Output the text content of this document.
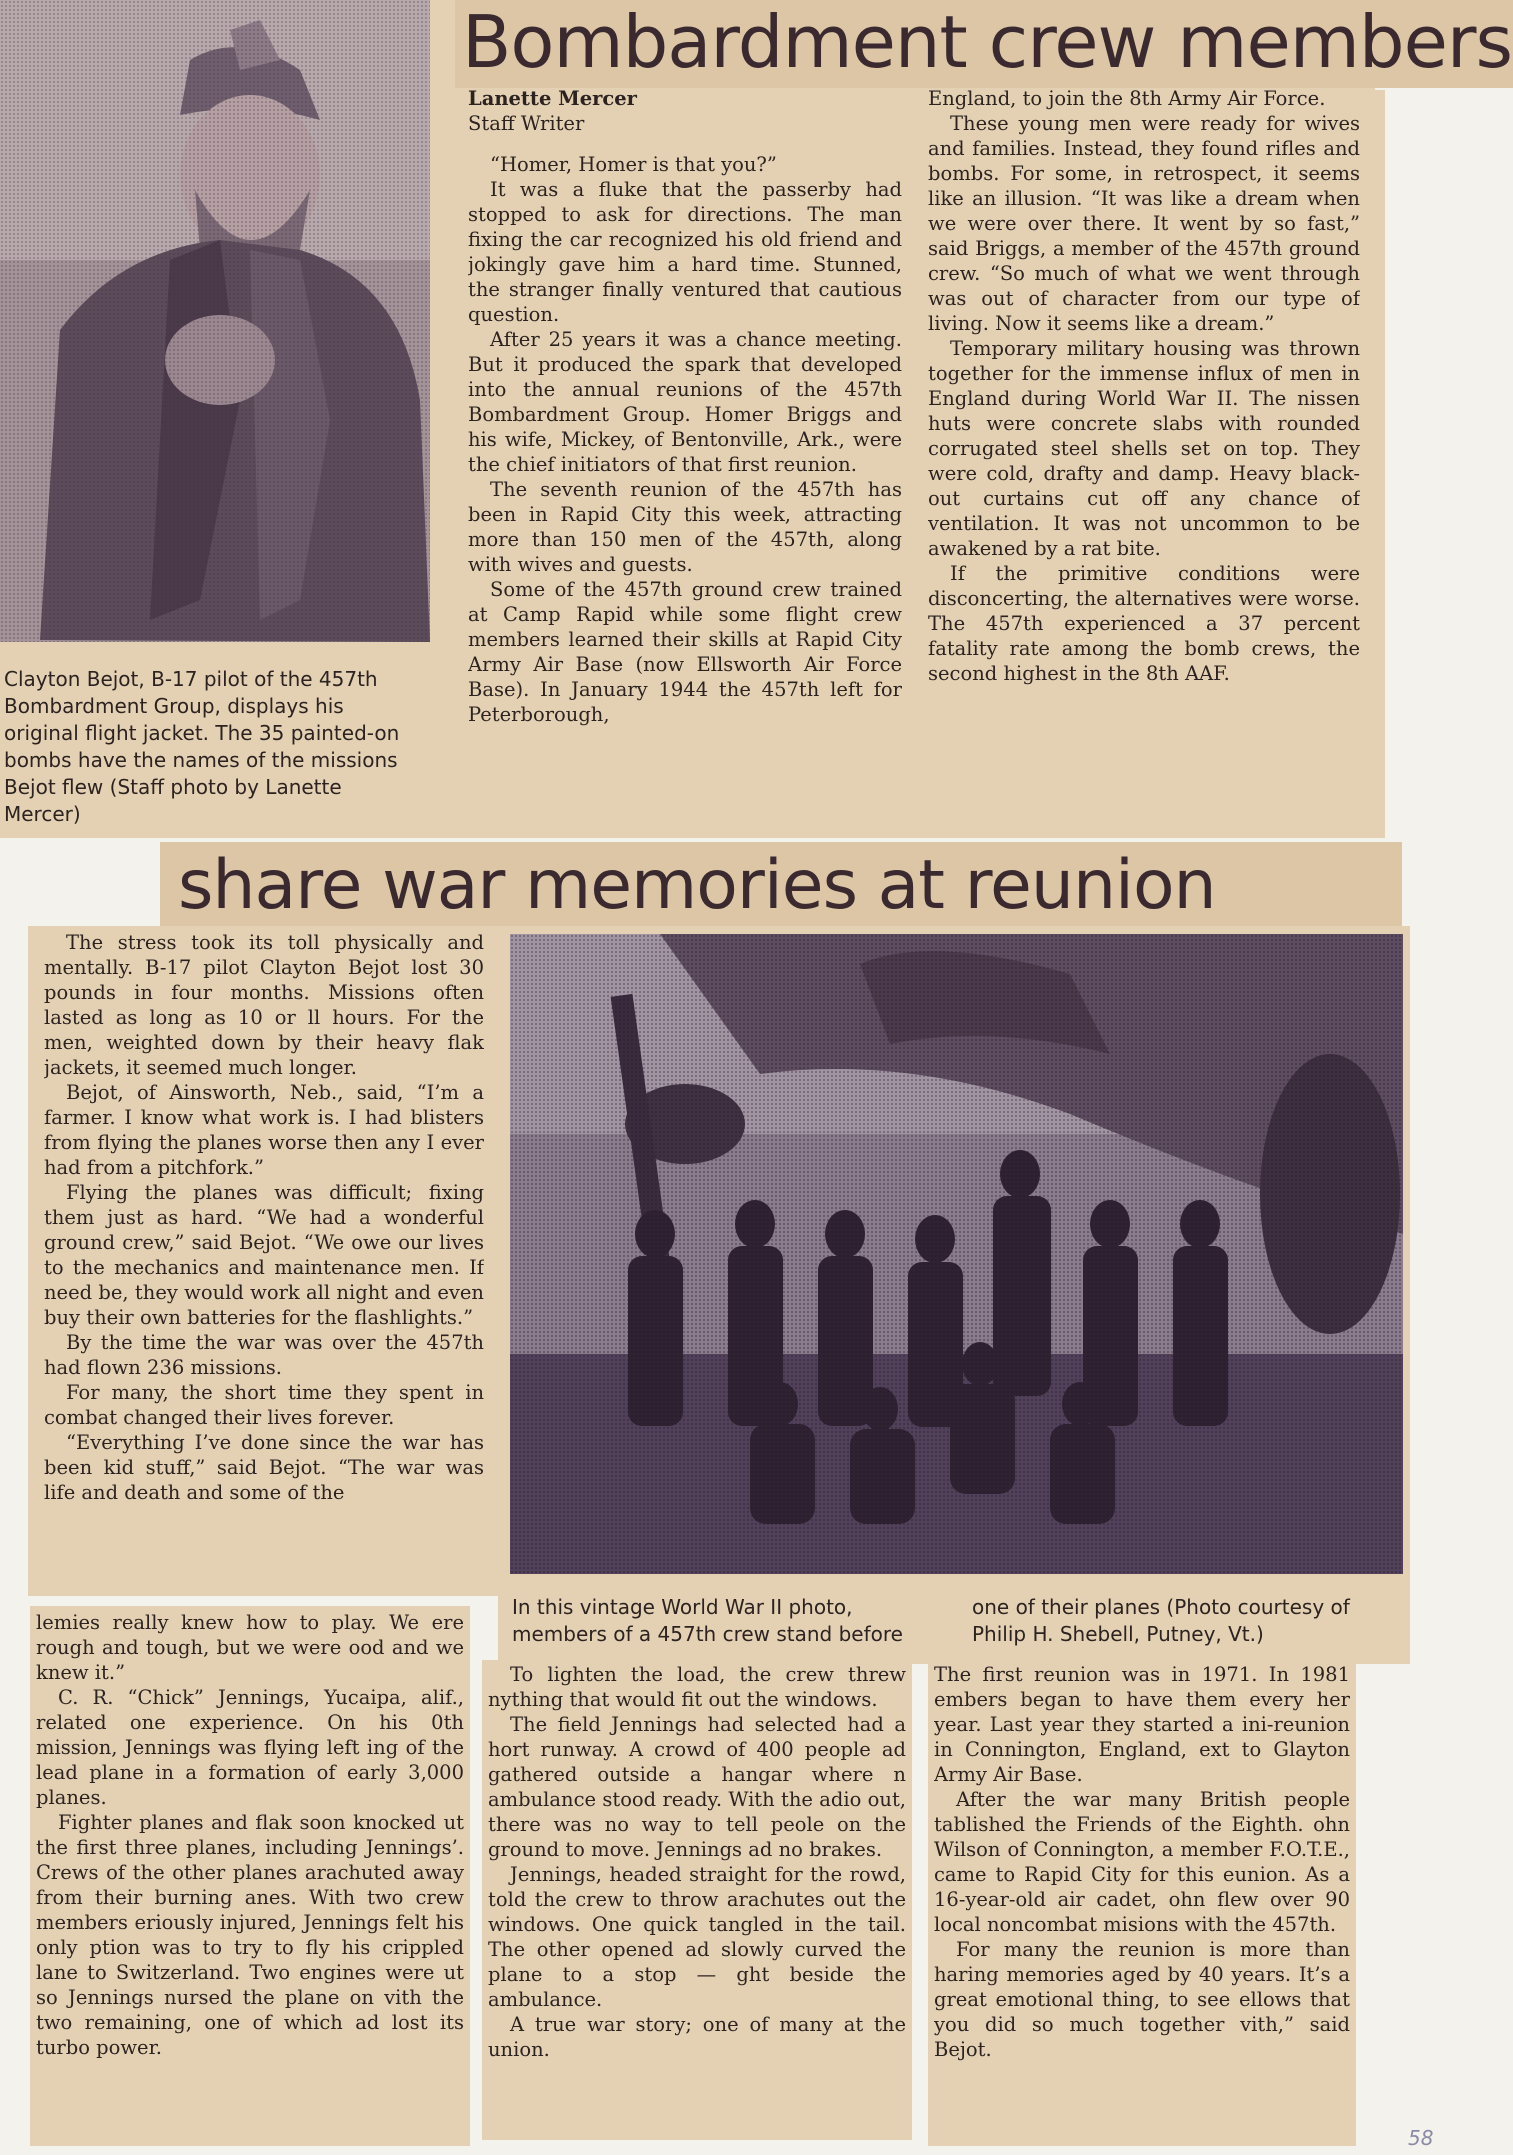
Bombardment crew members
Clayton Bejot, B-17 pilot of the 457th Bombardment Group, displays his original flight jacket. The 35 painted-on bombs have the names of the missions Bejot flew (Staff photo by Lanette Mercer)

Lanette Mercer

Staff Writer

“Homer, Homer is that you?”

It was a fluke that the passerby had stopped to ask for directions. The man fixing the car recognized his old friend and jokingly gave him a hard time. Stunned, the stranger finally ventured that cautious question.

After 25 years it was a chance meeting. But it produced the spark that developed into the annual reunions of the 457th Bombardment Group. Homer Briggs and his wife, Mickey, of Bentonville, Ark., were the chief initiators of that first reunion.

The seventh reunion of the 457th has been in Rapid City this week, attracting more than 150 men of the 457th, along with wives and guests.

Some of the 457th ground crew trained at Camp Rapid while some flight crew members learned their skills at Rapid City Army Air Base (now Ellsworth Air Force Base). In January 1944 the 457th left for Peterborough,

England, to join the 8th Army Air Force.

These young men were ready for wives and families. Instead, they found rifles and bombs. For some, in retrospect, it seems like an illusion. “It was like a dream when we were over there. It went by so fast,” said Briggs, a member of the 457th ground crew. “So much of what we went through was out of character from our type of living. Now it seems like a dream.”

Temporary military housing was thrown together for the immense influx of men in England during World War II. The nissen huts were concrete slabs with rounded corrugated steel shells set on top. They were cold, drafty and damp. Heavy black-out curtains cut off any chance of ventilation. It was not uncommon to be awakened by a rat bite.

If the primitive conditions were disconcerting, the alternatives were worse. The 457th experienced a 37 percent fatality rate among the bomb crews, the second highest in the 8th AAF.

share war memories at reunion

The stress took its toll physically and mentally. B-17 pilot Clayton Bejot lost 30 pounds in four months. Missions often lasted as long as 10 or ll hours. For the men, weighted down by their heavy flak jackets, it seemed much longer.

Bejot, of Ainsworth, Neb., said, “I’m a farmer. I know what work is. I had blisters from flying the planes worse then any I ever had from a pitchfork.”

Flying the planes was difficult; fixing them just as hard. “We had a wonderful ground crew,” said Bejot. “We owe our lives to the mechanics and maintenance men. If need be, they would work all night and even buy their own batteries for the flashlights.”

By the time the war was over the 457th had flown 236 missions.

For many, the short time they spent in combat changed their lives forever.

“Everything I’ve done since the war has been kid stuff,” said Bejot. “The war was life and death and some of the

In this vintage World War II photo, members of a 457th crew stand before
one of their planes (Photo courtesy of Philip H. Shebell, Putney, Vt.)

lemies really knew how to play. We ere rough and tough, but we were ood and we knew it.”

C. R. “Chick” Jennings, Yucaipa, alif., related one experience. On his 0th mission, Jennings was flying left ing of the lead plane in a formation of early 3,000 planes.

Fighter planes and flak soon knocked ut the first three planes, including Jennings’. Crews of the other planes arachuted away from their burning anes. With two crew members eriously injured, Jennings felt his only ption was to try to fly his crippled lane to Switzerland. Two engines were ut so Jennings nursed the plane on vith the two remaining, one of which ad lost its turbo power.

To lighten the load, the crew threw nything that would fit out the windows.

The field Jennings had selected had a hort runway. A crowd of 400 people ad gathered outside a hangar where n ambulance stood ready. With the adio out, there was no way to tell peole on the ground to move. Jennings ad no brakes.

Jennings, headed straight for the rowd, told the crew to throw arachutes out the windows. One quick tangled in the tail. The other opened ad slowly curved the plane to a stop — ght beside the ambulance.

A true war story; one of many at the union.

The first reunion was in 1971. In 1981 embers began to have them every her year. Last year they started a ini-reunion in Connington, England, ext to Glayton Army Air Base.

After the war many British people tablished the Friends of the Eighth. ohn Wilson of Connington, a member F.O.T.E., came to Rapid City for this eunion. As a 16-year-old air cadet, ohn flew over 90 local noncombat misions with the 457th.

For many the reunion is more than haring memories aged by 40 years. It’s a great emotional thing, to see ellows that you did so much together vith,” said Bejot.

58
